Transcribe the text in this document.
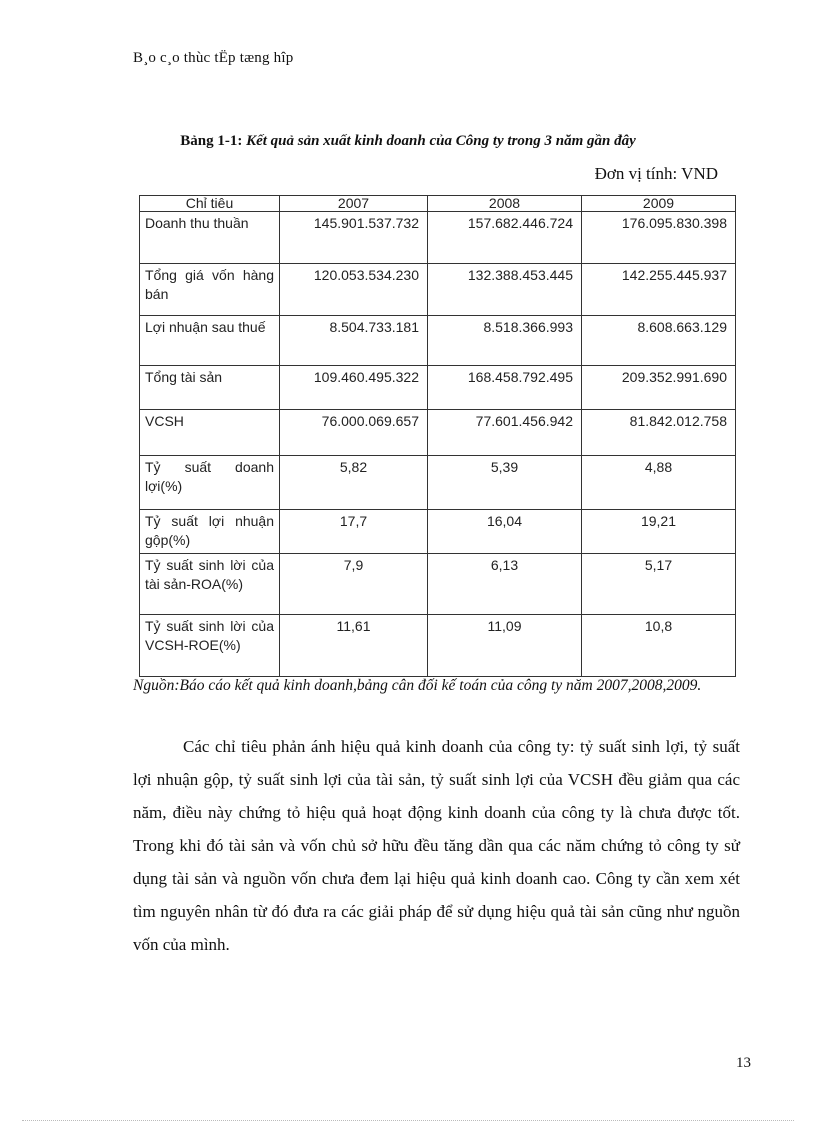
B¸o c¸o thùc tËp tæng hîp
Bảng 1-1: Kết quả sản xuất kinh doanh của Công ty trong 3 năm gần đây
Đơn vị tính: VND
Chỉ tiêu	2007	2008	2009
Doanh thu thuần	145.901.537.732	157.682.446.724	176.095.830.398
Tổng giá vốn hàng bán	120.053.534.230	132.388.453.445	142.255.445.937
Lợi nhuận sau thuế	8.504.733.181	8.518.366.993	8.608.663.129
Tổng tài sản	109.460.495.322	168.458.792.495	209.352.991.690
VCSH	76.000.069.657	77.601.456.942	81.842.012.758
Tỷ suất doanh lợi(%)	5,82	5,39	4,88
Tỷ suất lợi nhuận gộp(%)	17,7	16,04	19,21
Tỷ suất sinh lời của tài sản-ROA(%)	7,9	6,13	5,17
Tỷ suất sinh lời của VCSH-ROE(%)	11,61	11,09	10,8
Nguồn:Báo cáo kết quả kinh doanh,bảng cân đối kế toán của công ty năm 2007,2008,2009.

Các chỉ tiêu phản ánh hiệu quả kinh doanh của công ty: tỷ suất sinh lợi, tỷ suất lợi nhuận gộp, tỷ suất sinh lợi của tài sản, tỷ suất sinh lợi của VCSH đều giảm qua các năm, điều này chứng tỏ hiệu quả hoạt động kinh doanh của công ty là chưa được tốt. Trong khi đó tài sản và vốn chủ sở hữu đều tăng dần qua các năm chứng tỏ công ty sử dụng tài sản và nguồn vốn chưa đem lại hiệu quả kinh doanh cao. Công ty cần xem xét tìm nguyên nhân từ đó đưa ra các giải pháp để sử dụng hiệu quả tài sản cũng như nguồn vốn của mình.

13
